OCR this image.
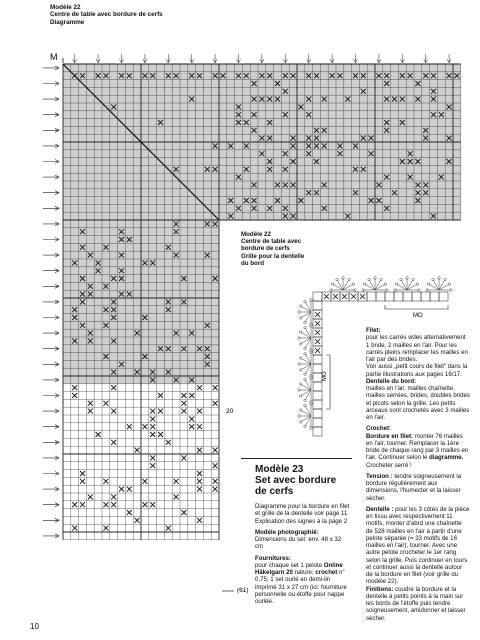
Modèle 22
Centre de table avec bordure de cerfs
Diagramme
M
20
(61)
MO
MO
Modèle 22
Centre de table avec
bordure de cerfs
Grille pour la dentelle
du bord

Filet:
pour les carrés vides alternativement 1 bride, 2 mailles en l'air. Pour les carrés pleins remplacer les mailles en l'air par des brides.
Voir aussi „petit cours de filet“ dans la partie illustrations aux pages 16/17.
Dentelle du bord:
mailles en l'air, mailles chaînette, mailles serrées, brides, doubles brides et picots selon la grille. Les petits arceaux sont crochetés avec 3 mailles en l'air.

Crochet:
Bordure en filet: monter 76 mailles en l'air, tourner. Remplacer la 1ère bride de chaque rang par 3 mailles en l'air. Continuer selon le diagramme. Crocheter serré !

Tension : tendre soigneusement la bordure régulièrement aux dimensions, l'humecter et la laisser sécher.

Dentelle : pour les 3 côtés de la pièce en tissu avec respectivement 11 motifs, monter d'abrd une chaînette de 528 mailles en l'air à partir d'une pelote séparée (= 33 motifs de 16 mailles en l'air), tourner. Avec une autre pelote crocheter le 1er rang selon la grille. Puis continuer en tours et continuer aussi la dentelle autour de la bordure en filet (voir grille du modèle 22).
Finitions: coudre la bordure et la dentelle à petits points à la main sur les bords de l'étoffe puis tendre soigneusement, amidonner et laisser sécher.

Modèle 23
Set avec bordure de cerfs

Diagramme pour la bordure en filet et grille de la dentelle voir page 11 Explication des signes à la page 2

Modèle photographié:
Dimensions du set: env. 48 x 32 cm

Fournitures:
pour chaque set 1 pelote Online Häkelgarn 20 nature; crochet n° 0,75; 1 set ourlé en demi-lin imprimé 31 x 27 cm (ici: fourniture personnelle ou étoffe pour nappe ourlée.

10
